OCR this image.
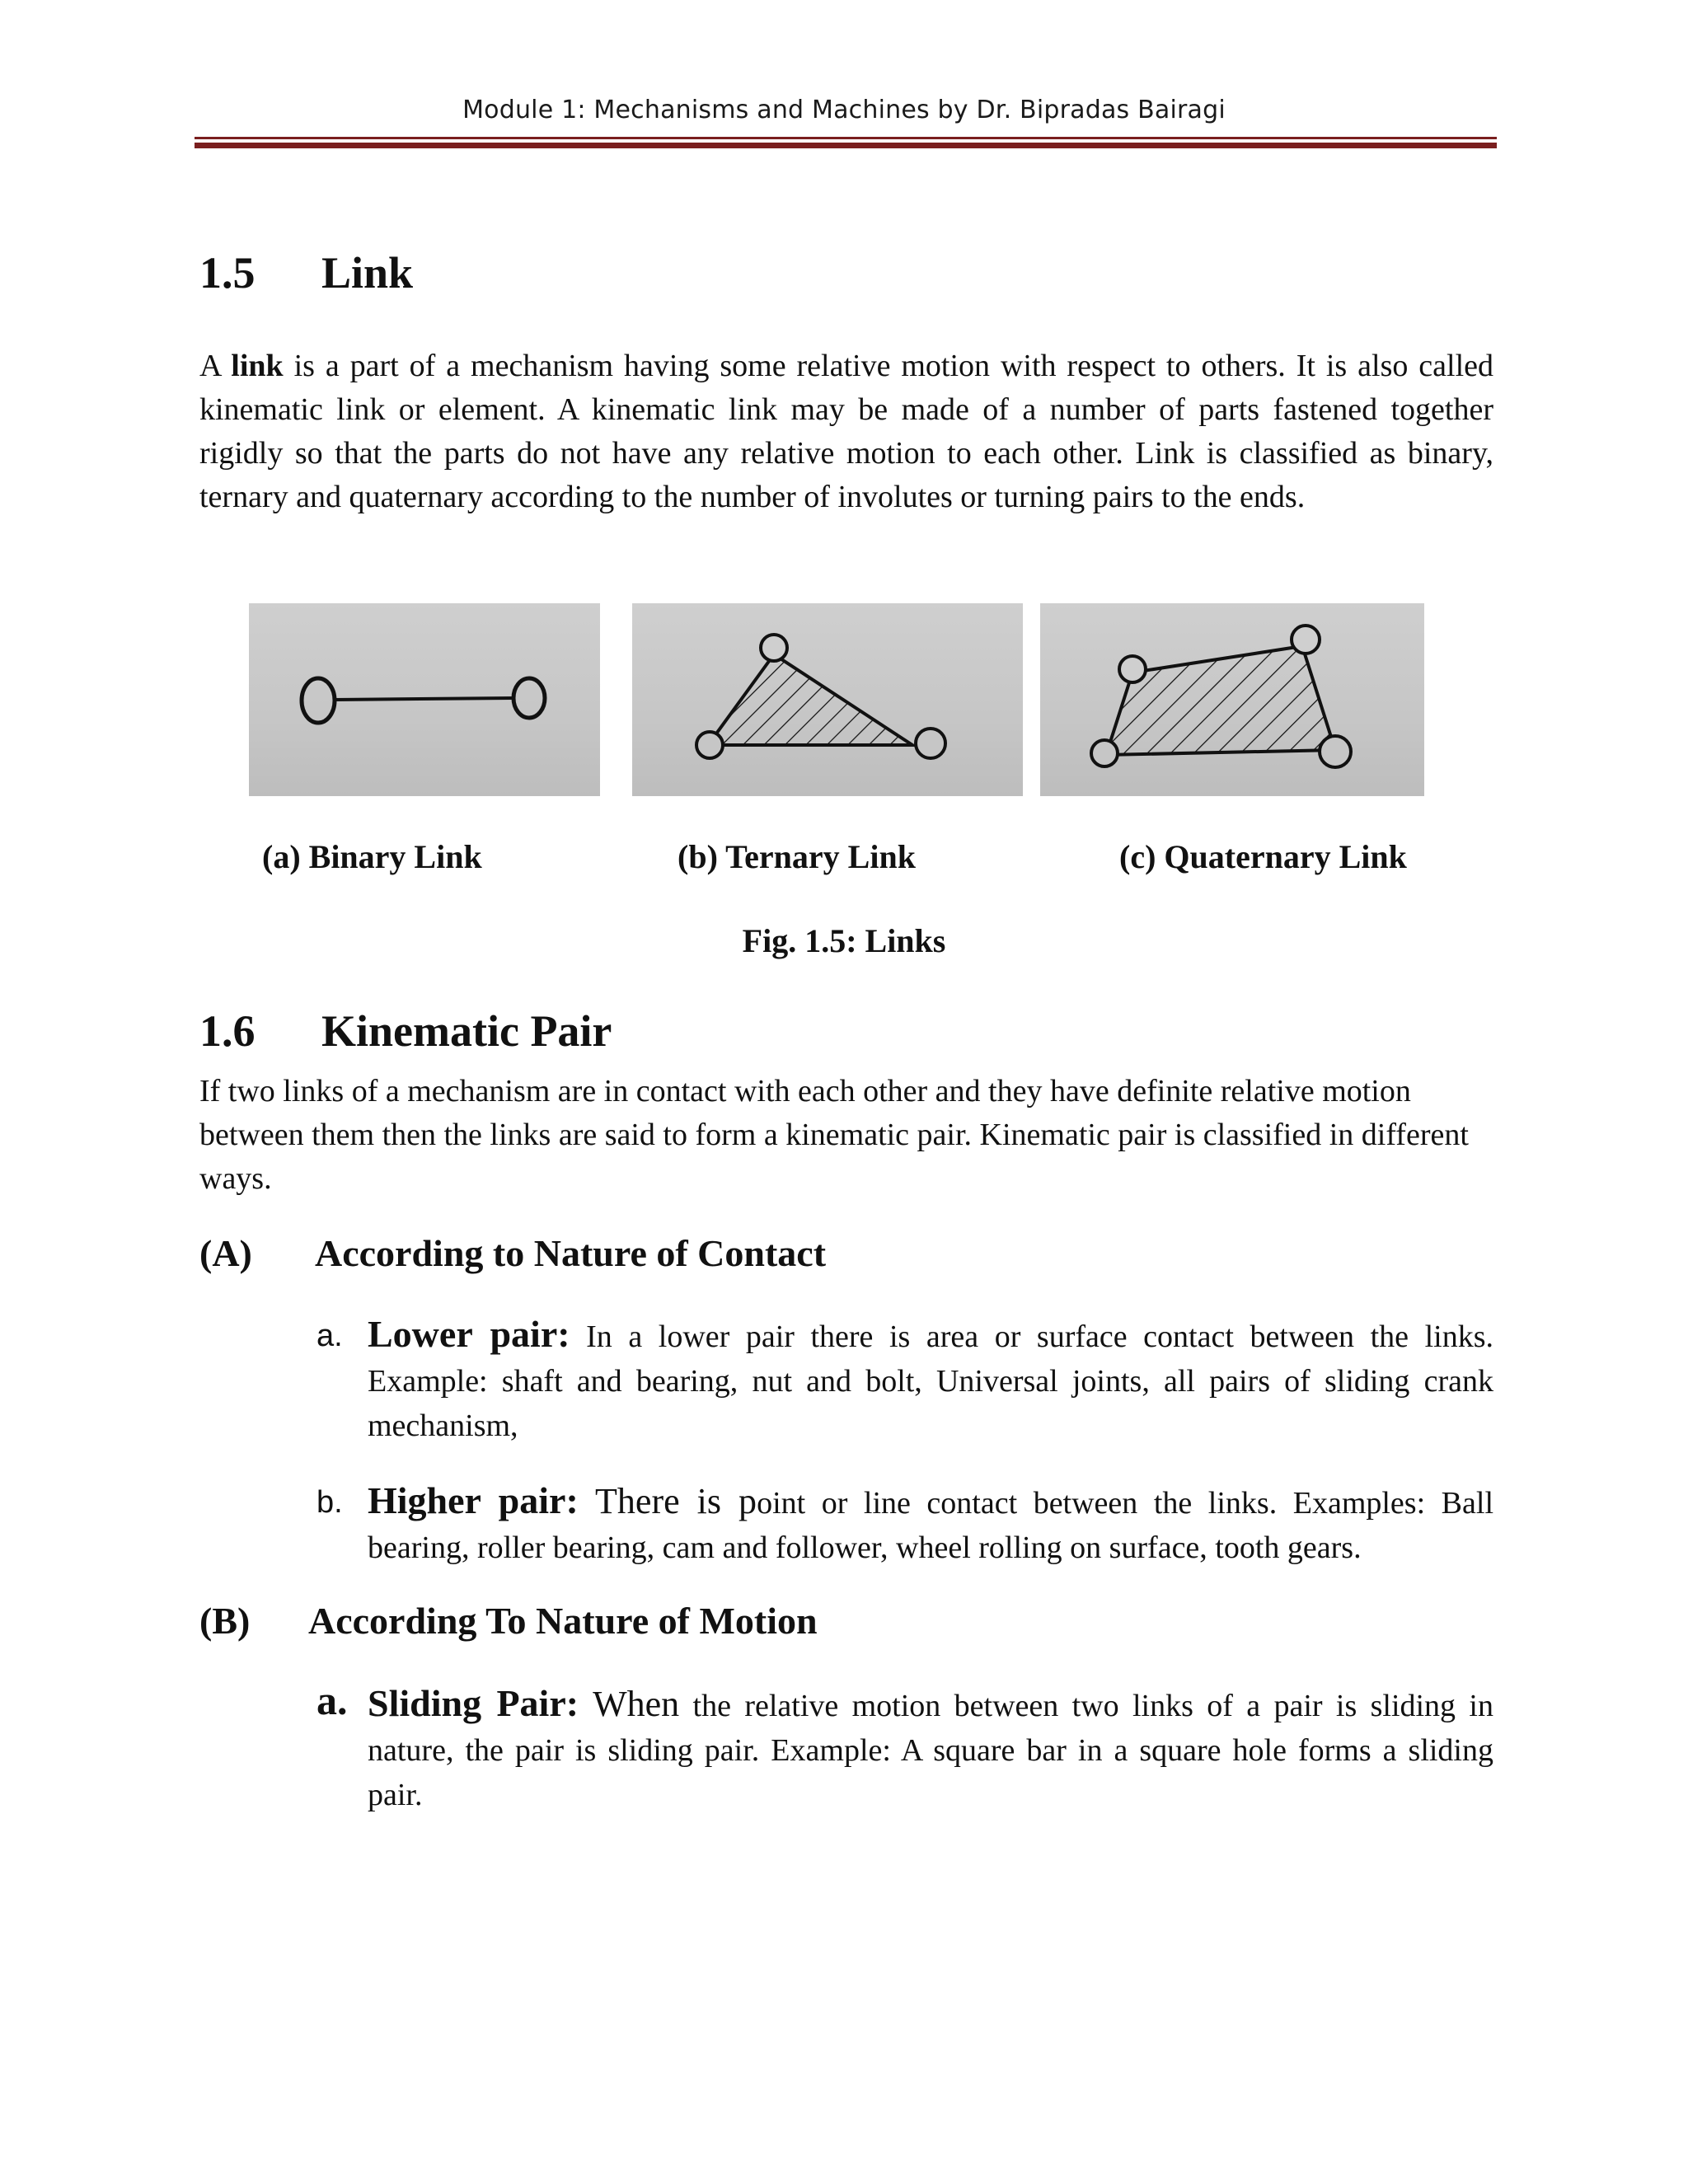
Module 1: Mechanisms and Machines by Dr. Bipradas Bairagi
1.5 Link
A link is a part of a mechanism having some relative motion with respect to others. It is also called kinematic link or element. A kinematic link may be made of a number of parts fastened together rigidly so that the parts do not have any relative motion to each other. Link is classified as binary, ternary and quaternary according to the number of involutes or turning pairs to the ends.
(a) Binary Link	(b) Ternary Link	(c) Quaternary Link
Fig. 1.5: Links
1.6 Kinematic Pair
If two links of a mechanism are in contact with each other and they have definite relative motion between them then the links are said to form a kinematic pair. Kinematic pair is classified in different ways.
(A) According to Nature of Contact
a. Lower pair: In a lower pair there is area or surface contact between the links. Example: shaft and bearing, nut and bolt, Universal joints, all pairs of sliding crank mechanism,
b. Higher pair: There is point or line contact between the links. Examples: Ball bearing, roller bearing, cam and follower, wheel rolling on surface, tooth gears.
(B) According To Nature of Motion
a. Sliding Pair: When the relative motion between two links of a pair is sliding in nature, the pair is sliding pair. Example: A square bar in a square hole forms a sliding pair.
